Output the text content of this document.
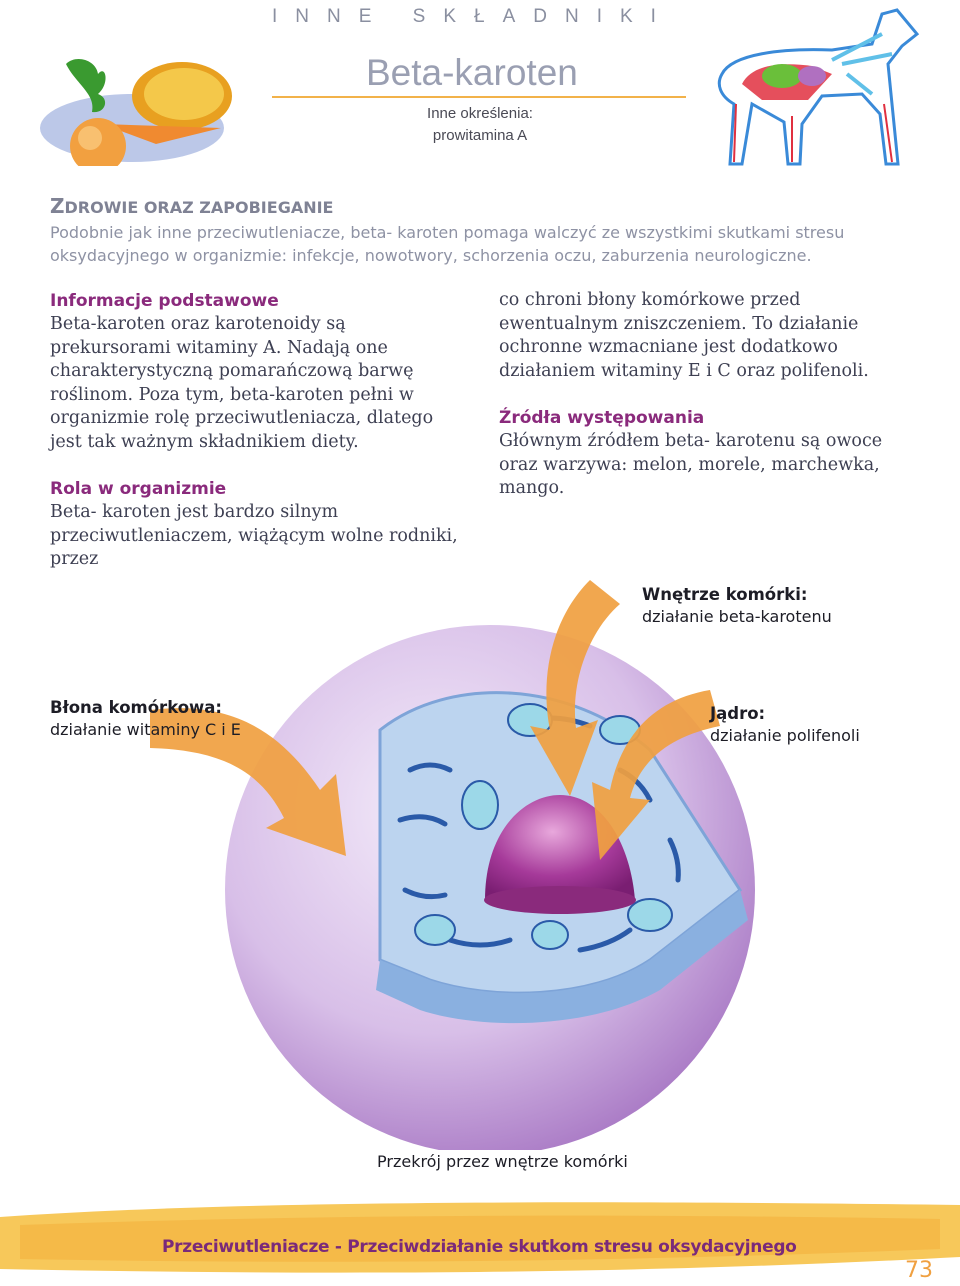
INNE SKŁADNIKI
Beta-karoten
Inne określenia:
prowitamina A
ZDROWIE ORAZ ZAPOBIEGANIE
Podobnie jak inne przeciwutleniacze, beta- karoten pomaga walczyć ze wszystkimi skutkami stresu oksydacyjnego w organizmie: infekcje, nowotwory, schorzenia oczu, zaburzenia neurologiczne.
Informacje podstawowe

Beta-karoten oraz karotenoidy są prekursorami witaminy A. Nadają one charakterystyczną pomarańczową barwę roślinom. Poza tym, beta-karoten pełni w organizmie rolę przeciwutleniacza, dlatego jest tak ważnym składnikiem diety.

Rola w organizmie

Beta- karoten jest bardzo silnym przeciwutleniaczem, wiążącym wolne rodniki, przez

co chroni błony komórkowe przed ewentualnym zniszczeniem. To działanie ochronne wzmacniane jest dodatkowo działaniem witaminy E i C oraz polifenoli.

Źródła występowania

Głównym źródłem beta- karotenu są owoce oraz warzywa: melon, morele, marchewka, mango.

Wnętrze komórki:
działanie beta-karotenu
Błona komórkowa:
działanie witaminy C i E
Jądro:
działanie polifenoli
Przekrój przez wnętrze komórki
Przeciwutleniacze - Przeciwdziałanie skutkom stresu oksydacyjnego
73
